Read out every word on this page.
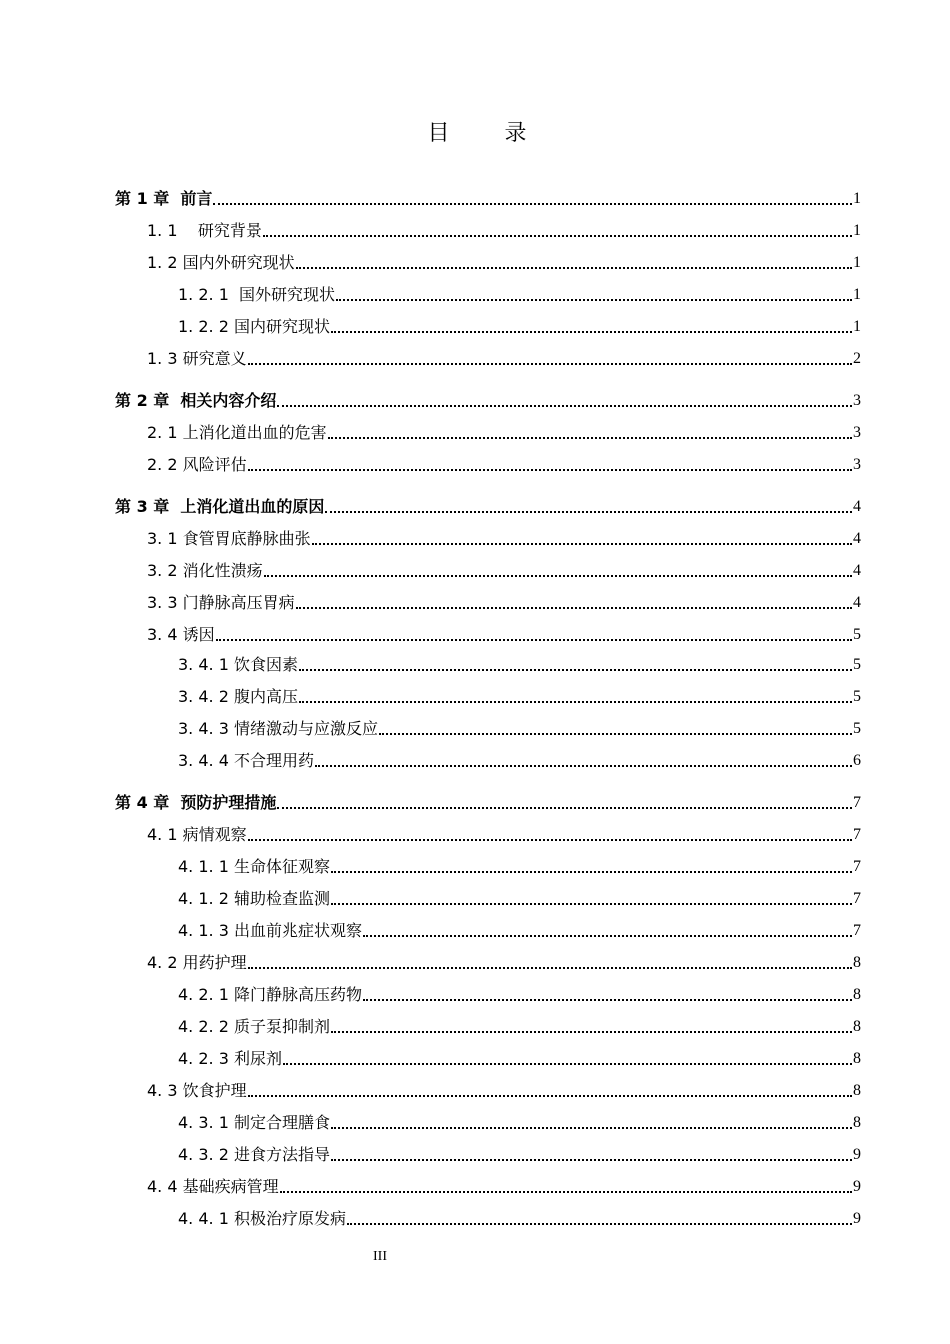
目 录
第 1 章  前言	1
1. 1    研究背景	1
1. 2 国内外研究现状	1
1. 2. 1  国外研究现状	1
1. 2. 2 国内研究现状	1
1. 3 研究意义	2
第 2 章  相关内容介绍	3
2. 1 上消化道出血的危害	3
2. 2 风险评估	3
第 3 章  上消化道出血的原因	4
3. 1 食管胃底静脉曲张	4
3. 2 消化性溃疡	4
3. 3 门静脉高压胃病	4
3. 4 诱因	5
3. 4. 1 饮食因素	5
3. 4. 2 腹内高压	5
3. 4. 3 情绪激动与应激反应	5
3. 4. 4 不合理用药	6
第 4 章  预防护理措施	7
4. 1 病情观察	7
4. 1. 1 生命体征观察	7
4. 1. 2 辅助检查监测	7
4. 1. 3 出血前兆症状观察	7
4. 2 用药护理	8
4. 2. 1 降门静脉高压药物	8
4. 2. 2 质子泵抑制剂	8
4. 2. 3 利尿剂	8
4. 3 饮食护理	8
4. 3. 1 制定合理膳食	8
4. 3. 2 进食方法指导	9
4. 4 基础疾病管理	9
4. 4. 1 积极治疗原发病	9
III
